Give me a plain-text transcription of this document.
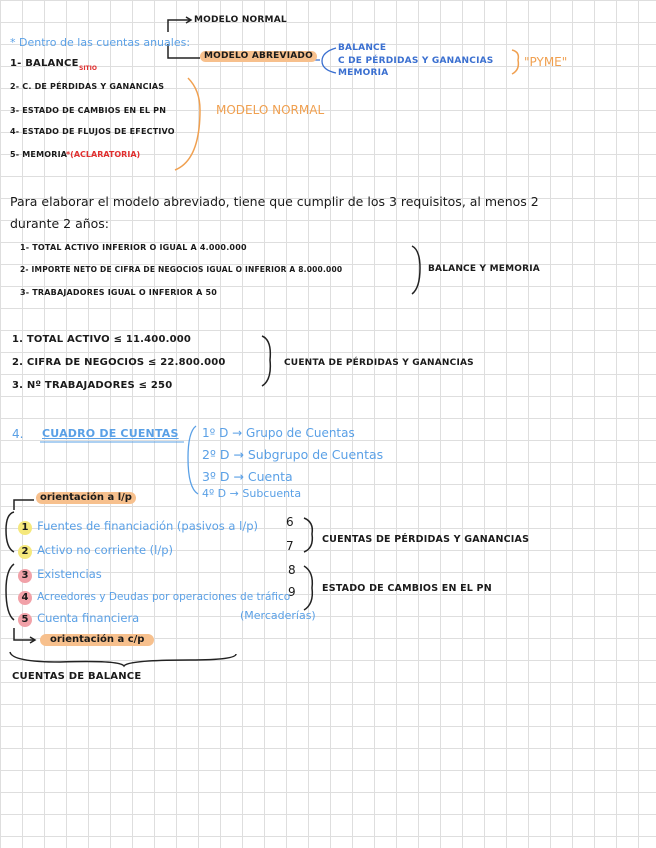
MODELO NORMAL
* Dentro de las cuentas anuales:
MODELO ABREVIADO
BALANCE
C DE PÉRDIDAS Y GANANCIAS
MEMORIA
"PYME"
1- BALANCE SITIO
2- C. DE PÉRDIDAS Y GANANCIAS
3- ESTADO DE CAMBIOS EN EL PN
4- ESTADO DE FLUJOS DE EFECTIVO
5- MEMORIA
*(ACLARATORIA)
MODELO NORMAL
Para elaborar el modelo abreviado, tiene que cumplir de los 3 requisitos, al menos 2
durante 2 años:
1- TOTAL ACTIVO INFERIOR O IGUAL A 4.000.000
2- IMPORTE NETO DE CIFRA DE NEGOCIOS IGUAL O INFERIOR A 8.000.000
3- TRABAJADORES IGUAL O INFERIOR A 50
BALANCE Y MEMORIA
1. TOTAL ACTIVO ≤ 11.400.000
2. CIFRA DE NEGOCIOS ≤ 22.800.000
3. Nº TRABAJADORES ≤ 250
CUENTA DE PÉRDIDAS Y GANANCIAS
4. CUADRO DE CUENTAS 1º D → Grupo de Cuentas
2º D → Subgrupo de Cuentas
3º D → Cuenta
4º D → Subcuenta
orientación a l/p
1 Fuentes de financiación (pasivos a l/p) 6
2 Activo no corriente (l/p)	7	CUENTAS DE PÉRDIDAS Y GANANCIAS
3 Existencias	8
4 Acreedores y Deudas por operaciones de tráfico
9	ESTADO DE CAMBIOS EN EL PN
5 Cuenta financiera	(Mercaderías)
orientación a c/p
CUENTAS DE BALANCE
